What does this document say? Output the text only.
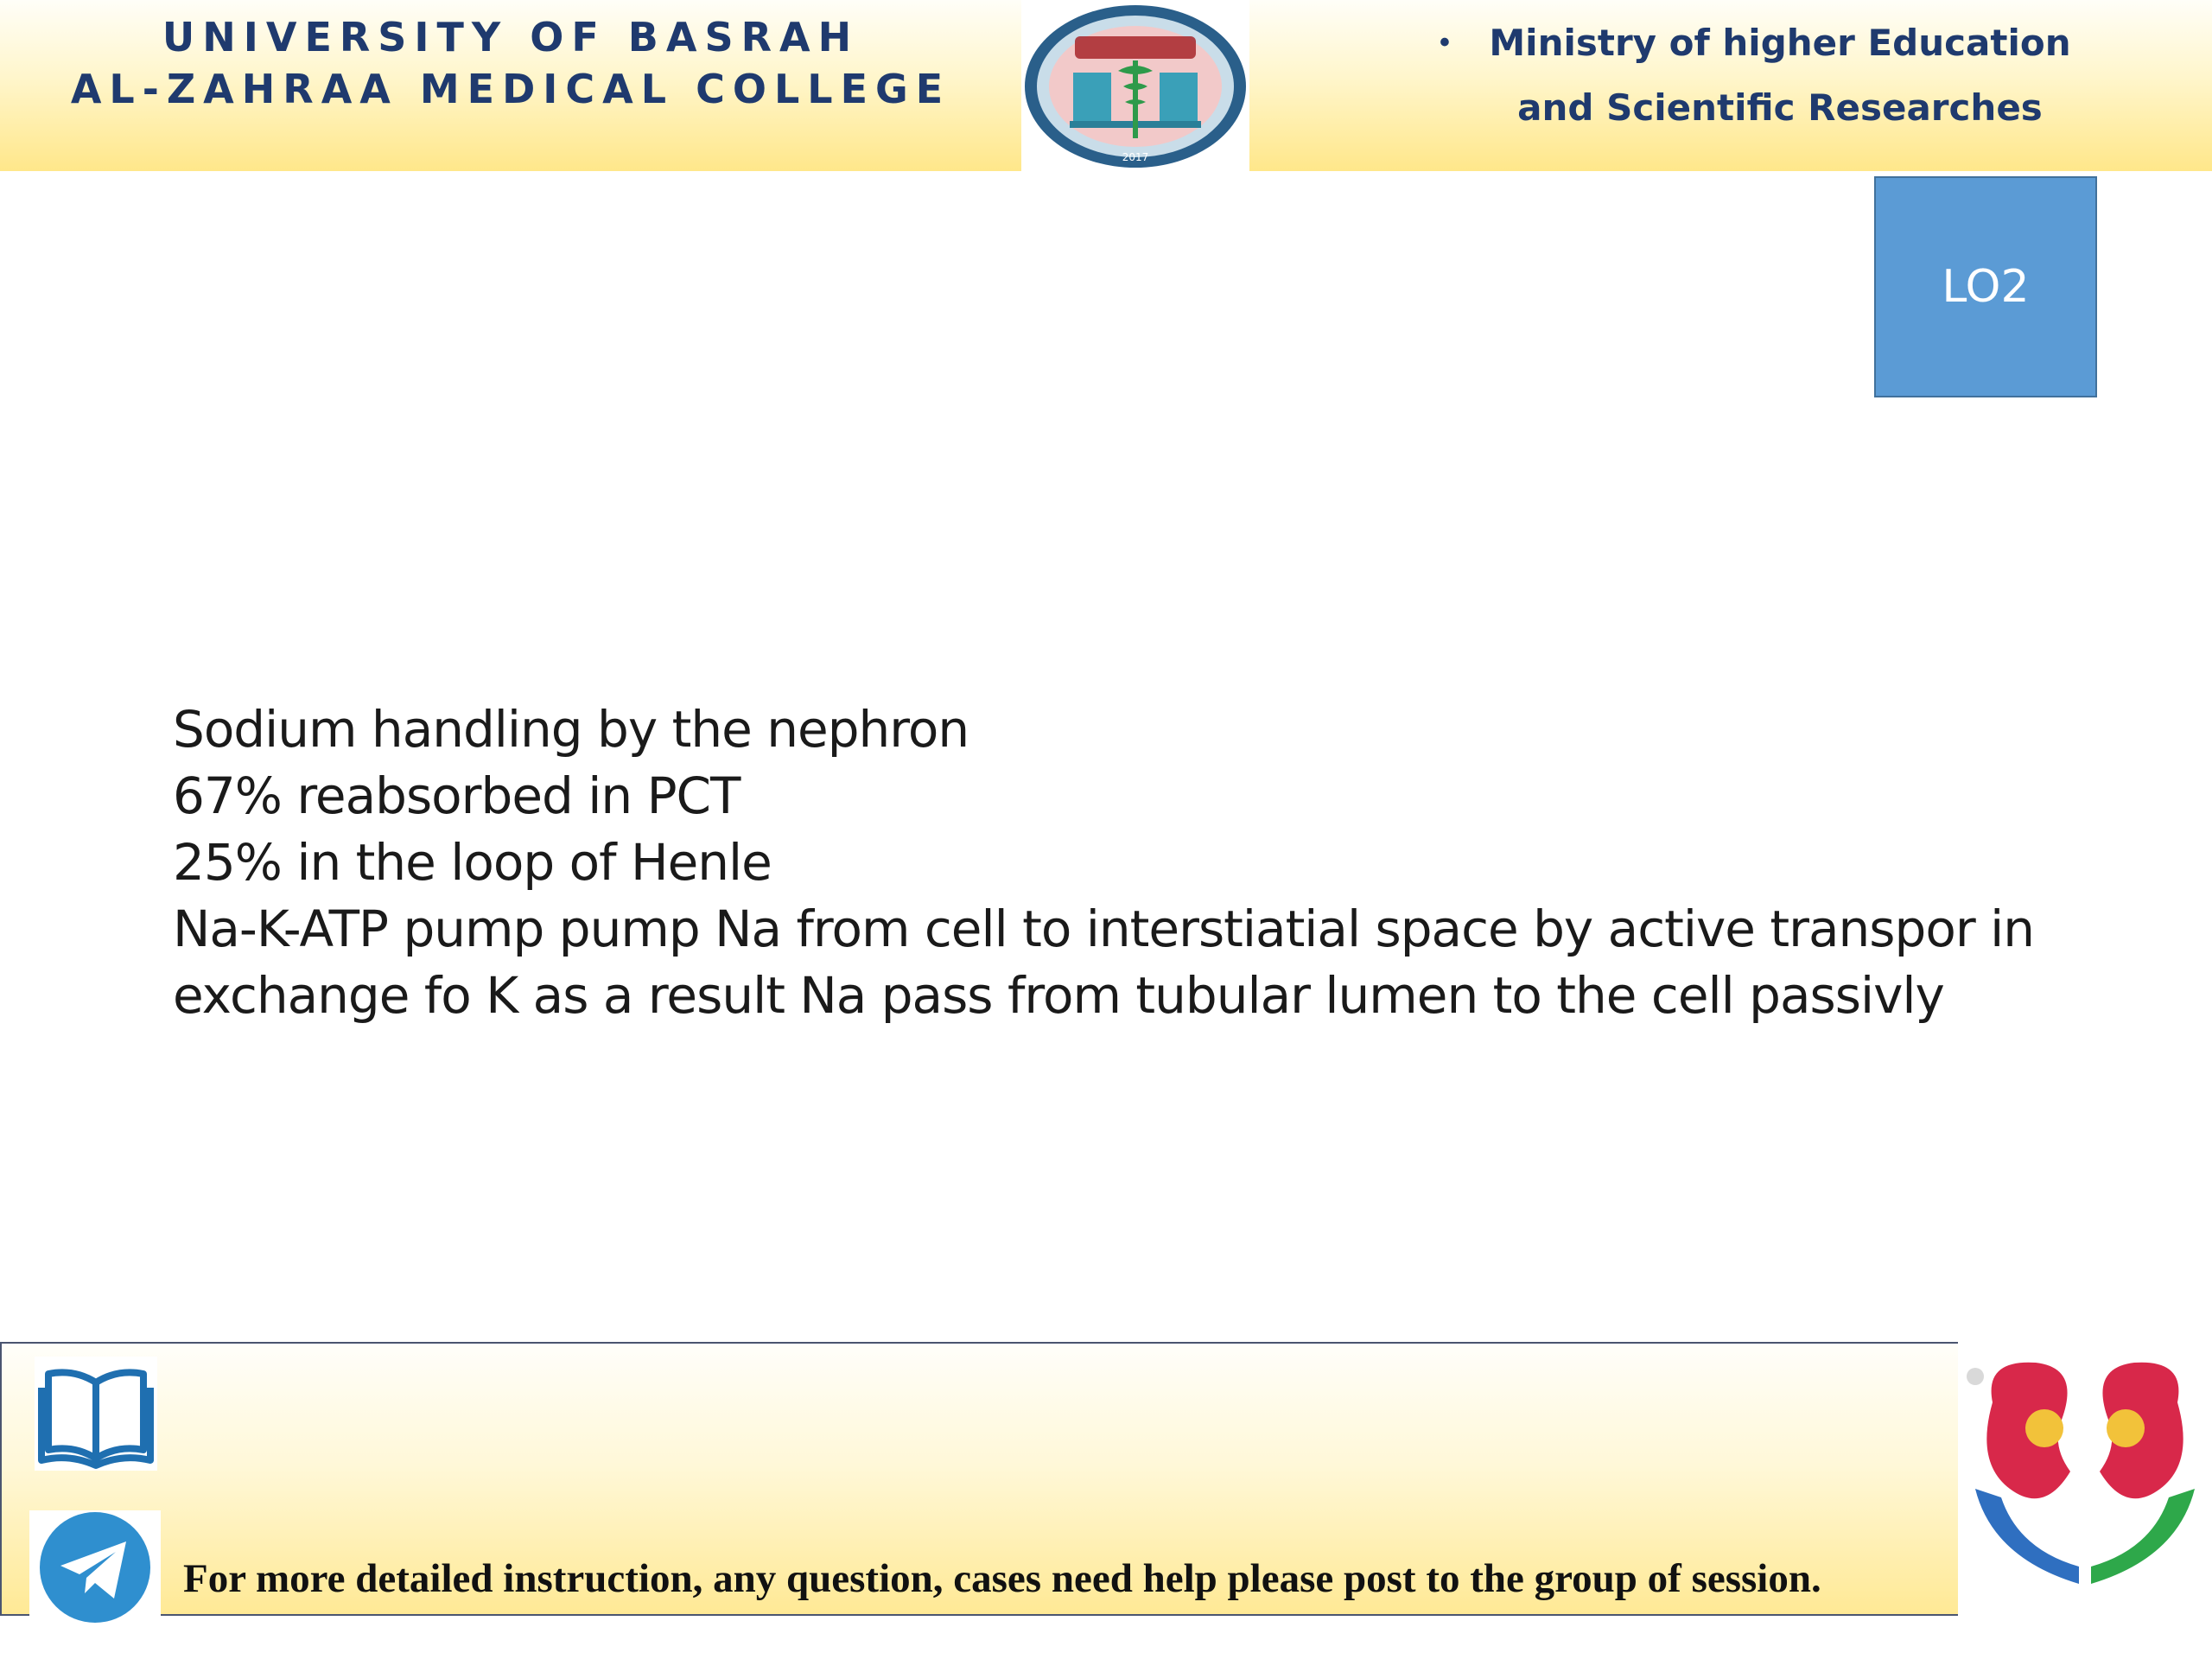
UNIVERSITY OF BASRAH
AL-ZAHRAA MEDICAL COLLEGE
2017
•	Ministry of higher Education
and Scientific Researches
LO2
Sodium handling by the nephron
67% reabsorbed in PCT
25% in the loop of Henle
Na-K-ATP pump pump Na from cell to interstiatial space by active transpor in
exchange fo K as a result Na pass from tubular lumen to the cell passivly
For more detailed instruction, any question, cases need help please post to the group of session.
